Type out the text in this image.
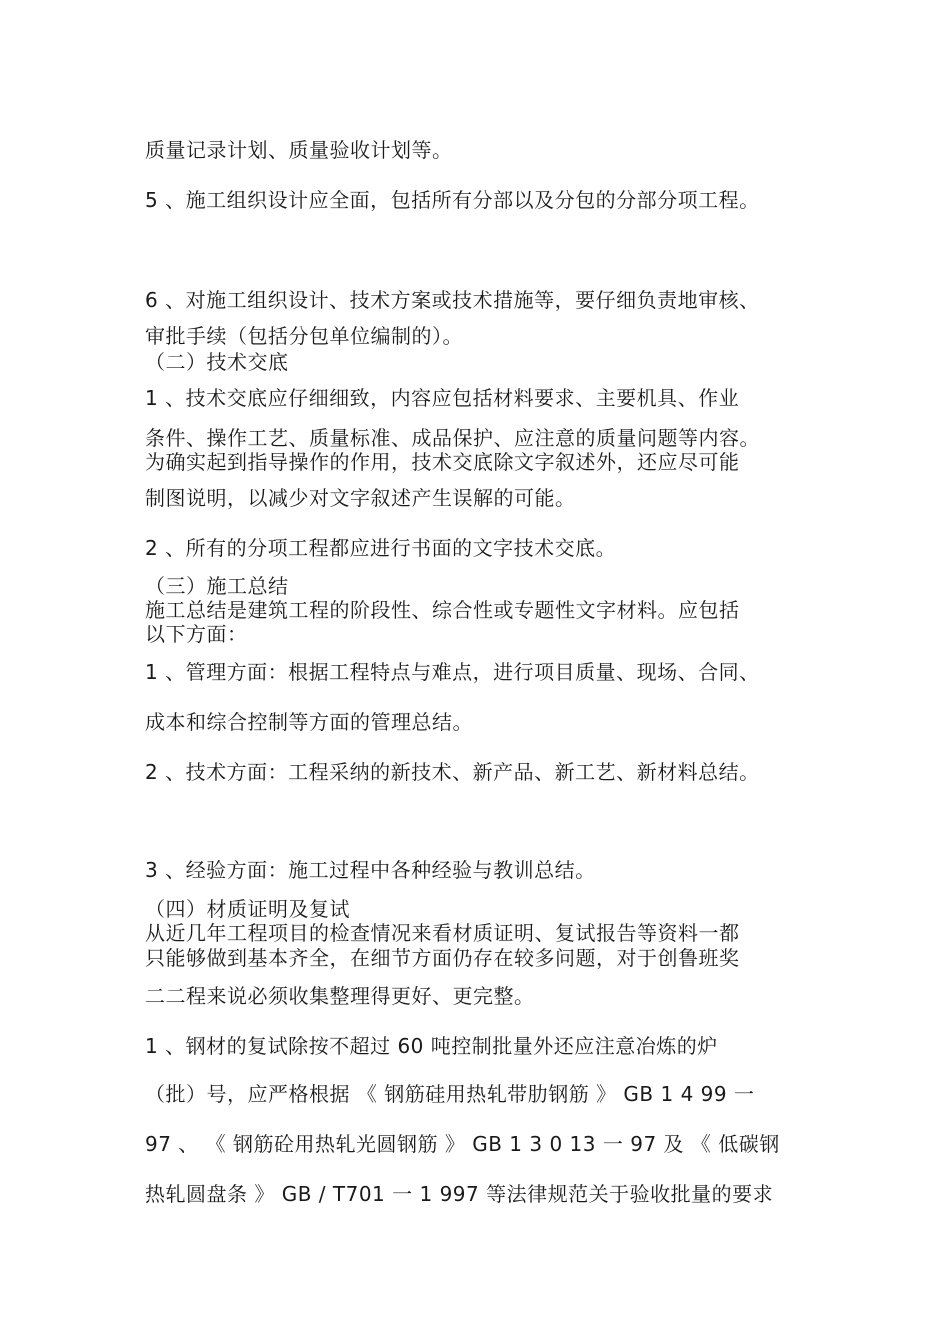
质量记录计划、质量验收计划等。
5 、施工组织设计应全面，包括所有分部以及分包的分部分项工程。
6 、对施工组织设计、技术方案或技术措施等，要仔细负责地审核、
审批手续（包括分包单位编制的）。
（二）技术交底
1 、技术交底应仔细细致，内容应包括材料要求、主要机具、作业
条件、操作工艺、质量标准、成品保护、应注意的质量问题等内容。
为确实起到指导操作的作用，技术交底除文字叙述外，还应尽可能
制图说明，以减少对文字叙述产生误解的可能。
2 、所有的分项工程都应进行书面的文字技术交底。
（三）施工总结
施工总结是建筑工程的阶段性、综合性或专题性文字材料。应包括
以下方面：
1 、管理方面：根据工程特点与难点，进行项目质量、现场、合同、
成本和综合控制等方面的管理总结。
2 、技术方面：工程采纳的新技术、新产品、新工艺、新材料总结。
3 、经验方面：施工过程中各种经验与教训总结。
（四）材质证明及复试
从近几年工程项目的检查情况来看材质证明、复试报告等资料一都
只能够做到基本齐全，在细节方面仍存在较多问题，对于创鲁班奖
二二程来说必须收集整理得更好、更完整。
1 、钢材的复试除按不超过 60 吨控制批量外还应注意冶炼的炉
（批）号，应严格根据 《 钢筋硅用热轧带肋钢筋 》 GB 1 4 99 一
97 、 《 钢筋砼用热轧光圆钢筋 》 GB 1 3 0 13 一 97 及 《 低碳钢
热轧圆盘条 》 GB / T701 一 1 997 等法律规范关于验收批量的要求
